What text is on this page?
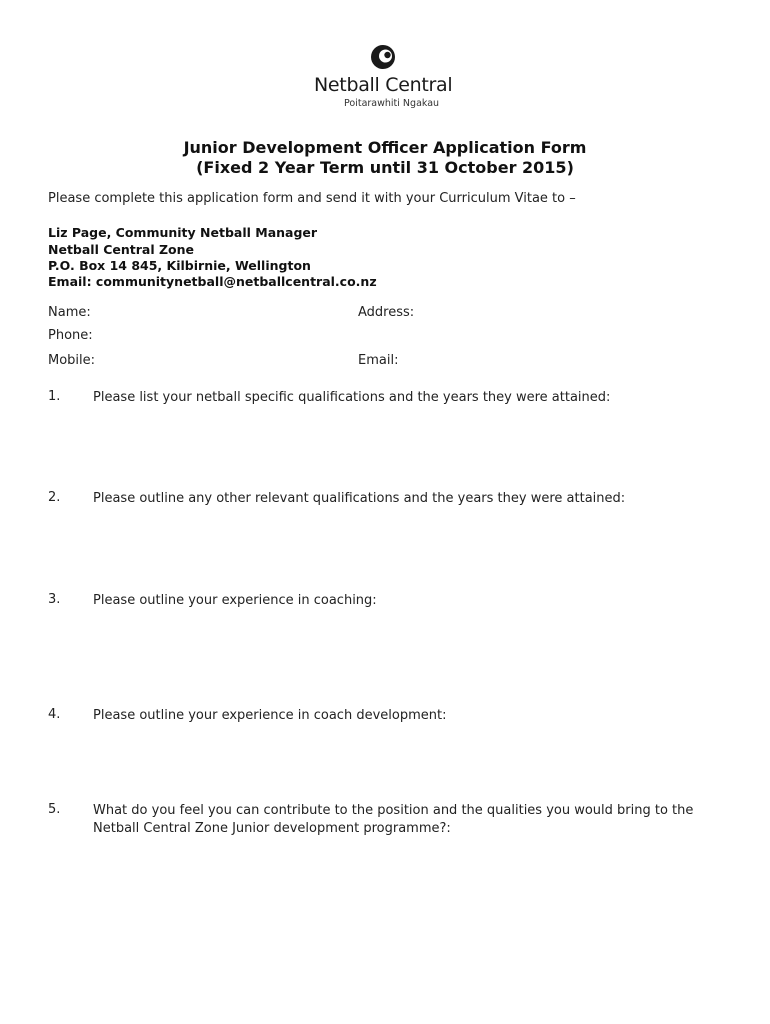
Netball Central
Poitarawhiti Ngakau
Junior Development Officer Application Form
(Fixed 2 Year Term until 31 October 2015)
Please complete this application form and send it with your Curriculum Vitae to –
Liz Page, Community Netball Manager
Netball Central Zone
P.O. Box 14 845, Kilbirnie, Wellington
Email: communitynetball@netballcentral.co.nz
Name:	Address:
Phone:
Mobile:	Email:
1.	Please list your netball specific qualifications and the years they were attained:
2.	Please outline any other relevant qualifications and the years they were attained:
3.	Please outline your experience in coaching:
4.	Please outline your experience in coach development:
5.	What do you feel you can contribute to the position and the qualities you would bring to the Netball Central Zone Junior development programme?:
